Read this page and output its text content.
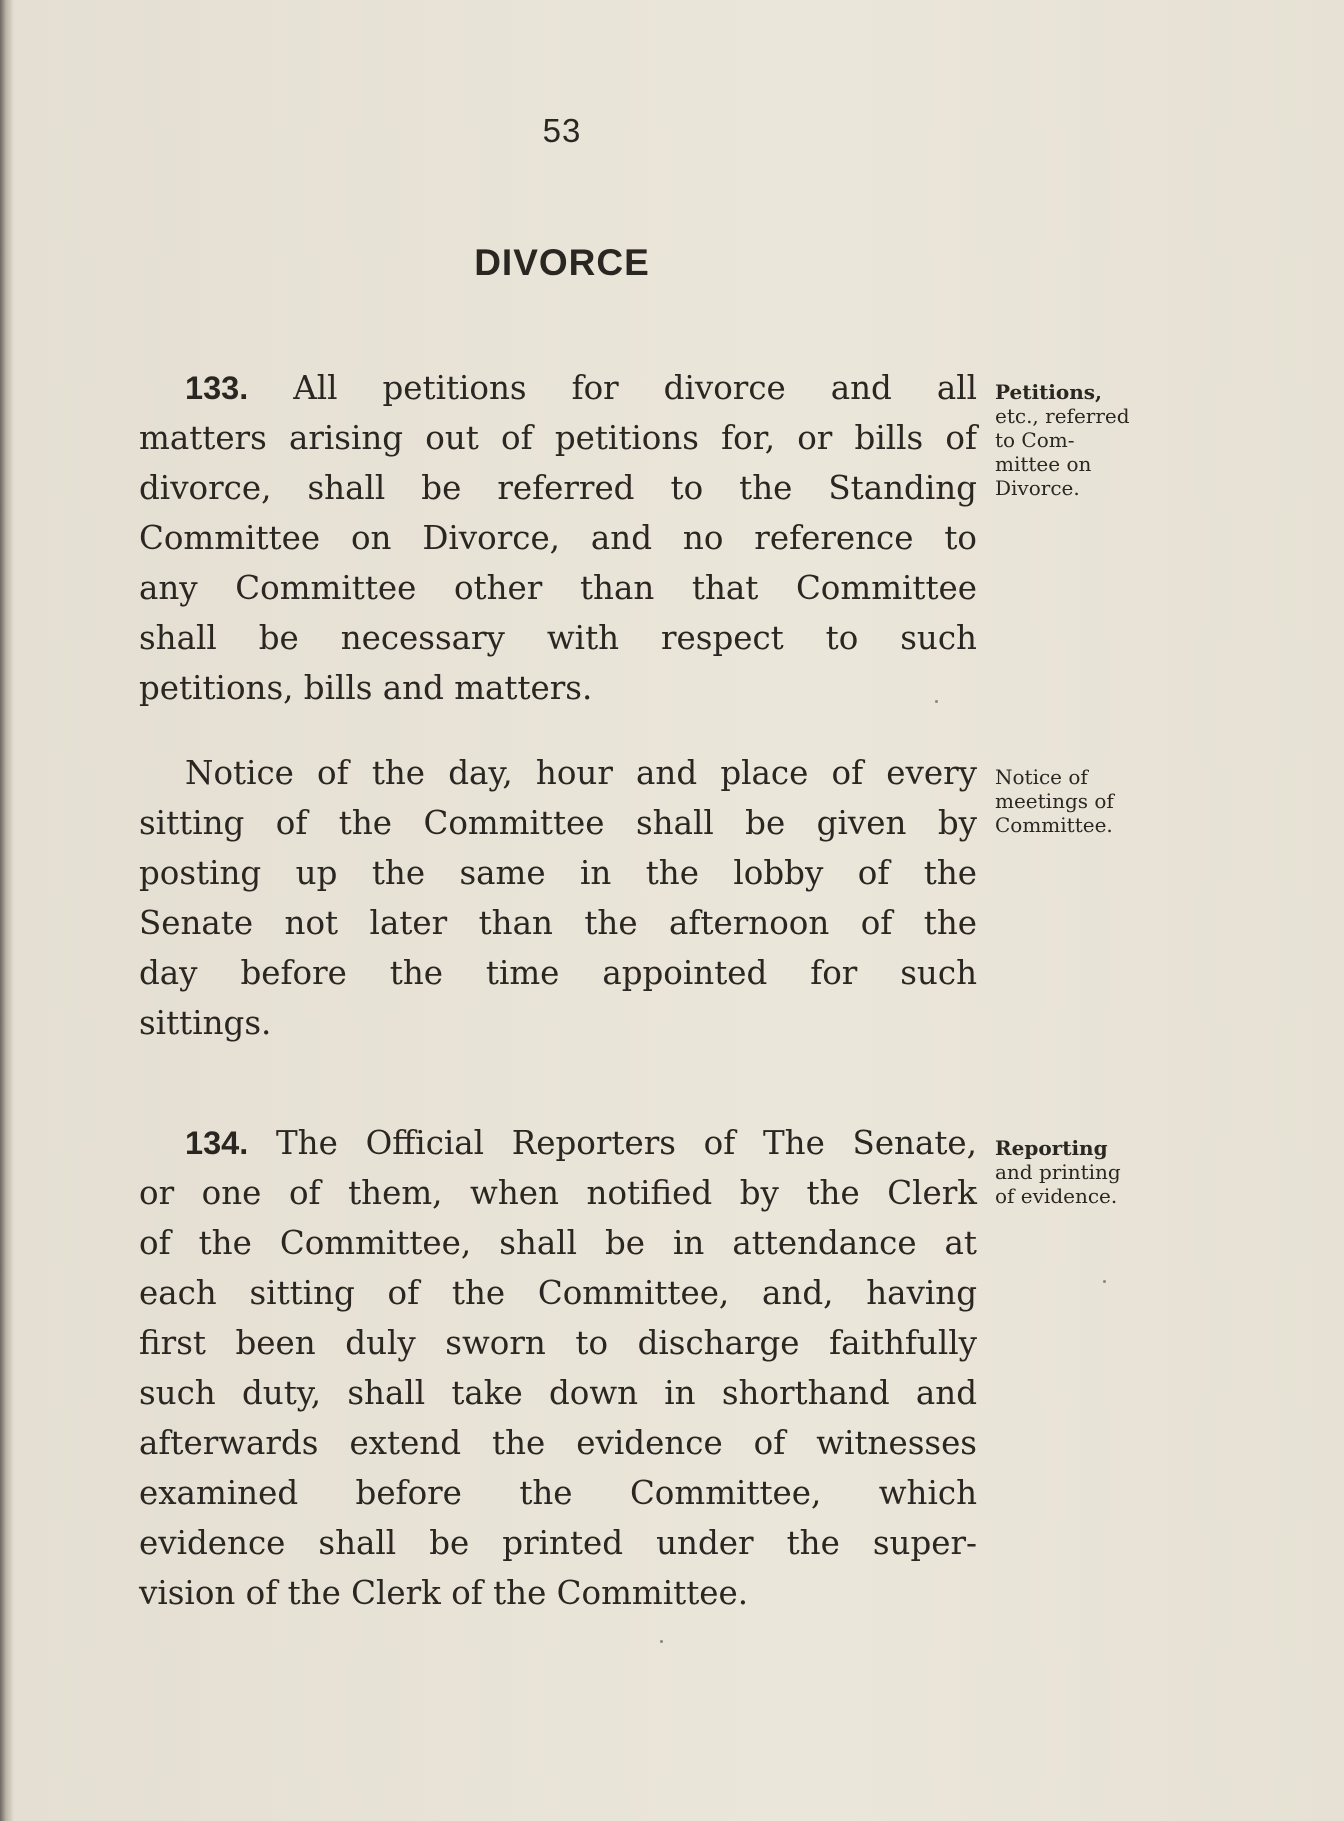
53
DIVORCE
133. All petitions for divorce and all
matters arising out of petitions for, or bills of
divorce, shall be referred to the Standing
Committee on Divorce, and no reference to
any Committee other than that Committee
shall be necessary with respect to such
petitions, bills and matters.
Petitions,
etc., referred
to Com-
mittee on
Divorce.
Notice of the day, hour and place of every
sitting of the Committee shall be given by
posting up the same in the lobby of the
Senate not later than the afternoon of the
day before the time appointed for such
sittings.
Notice of
meetings of
Committee.
134. The Official Reporters of The Senate,
or one of them, when notified by the Clerk
of the Committee, shall be in attendance at
each sitting of the Committee, and, having
first been duly sworn to discharge faithfully
such duty, shall take down in shorthand and
afterwards extend the evidence of witnesses
examined before the Committee, which
evidence shall be printed under the super-
vision of the Clerk of the Committee.
Reporting
and printing
of evidence.
